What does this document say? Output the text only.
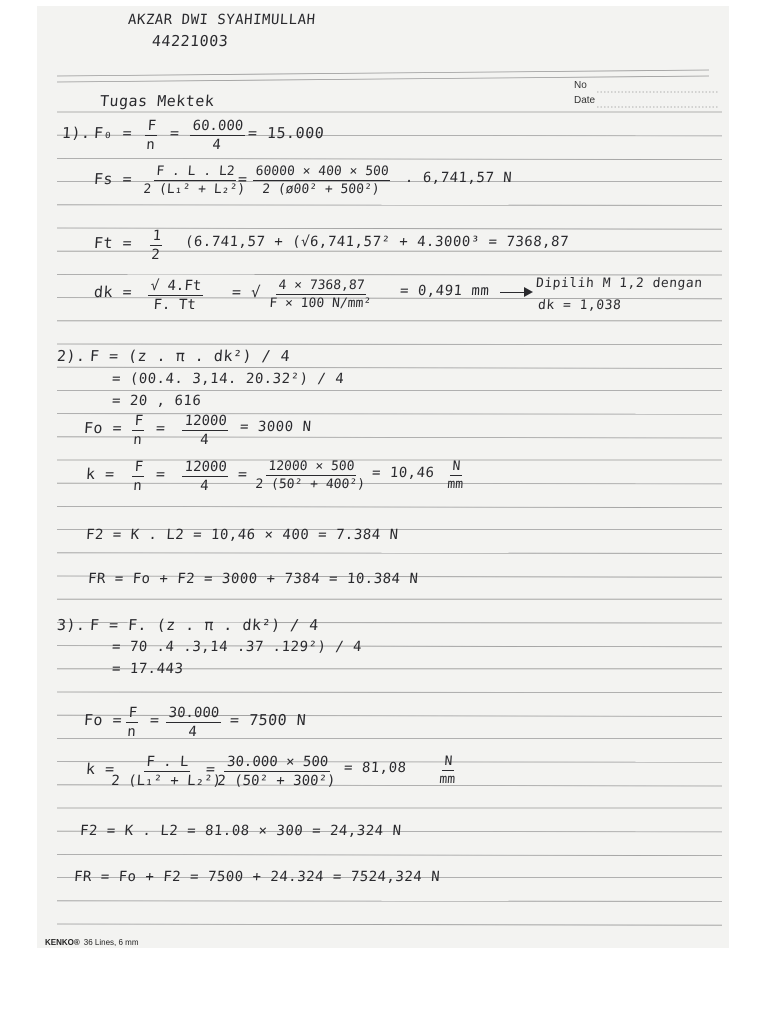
AKZAR DWI SYAHIMULLAH
44221003
No
Date
Tugas Mektek
1). $F_0 = \frac{F}{n} = \frac{60.000}{4} = 15.000$
$Fs = \frac{F . L . L2}{\text{2 (L₁² + L₂²)}}$
= $\frac{60000 \times 400 \times 500}{\text{2 (ø00² + 500²)}}$ . 6,741,57 N
$Ft = \frac{1}{2} (6.741,57 + (√6,741,57^2 + 4.3000^3 = 7368,87$
dk = $\frac{√ 4.Ft}{F. Tt}$ = √ $\frac{4 \times 7368,87}{\text{F × 100 N/mm²}} = 0,491$ mm	Dipilih M 1,2 dengan
dk = 1,038
2). F = (z . π . dk²) / 4
= (00.4. 3,14. 20.32²) / 4
= 20 , 616
$Fo = \frac{F}{n} = \frac{12000}{4} = 3000$ N
$k = \frac{F}{n} = \frac{12000}{4} = \frac{12000 \times 500}{\text{2 (50² + 400²)}} = 10,46 \frac{N}{mm}$
F2 = K . L2 = 10,46 × 400 = 7.384 N
FR = Fo + F2 = 3000 + 7384 = 10.384 N
3). F = F. (z . π . dk²) / 4
= 70 .4 .3,14 .37 .129²) / 4
= 17.443
$Fo = \frac{F}{n} = \frac{30.000}{4} = 7500$ N
k =
$\frac{F . L}{\text{2 (L₁² + L₂²)}}$
=
$\frac{30.000 \times 500}{\text{2 (50² + 300²)}} = 81,08 \frac{N}{mm}$
F2 = K . L2 = 81.08 × 300 = 24,324 N
FR = Fo + F2 = 7500 + 24.324 = 7524,324 N
KENKO® 36 Lines, 6 mm
